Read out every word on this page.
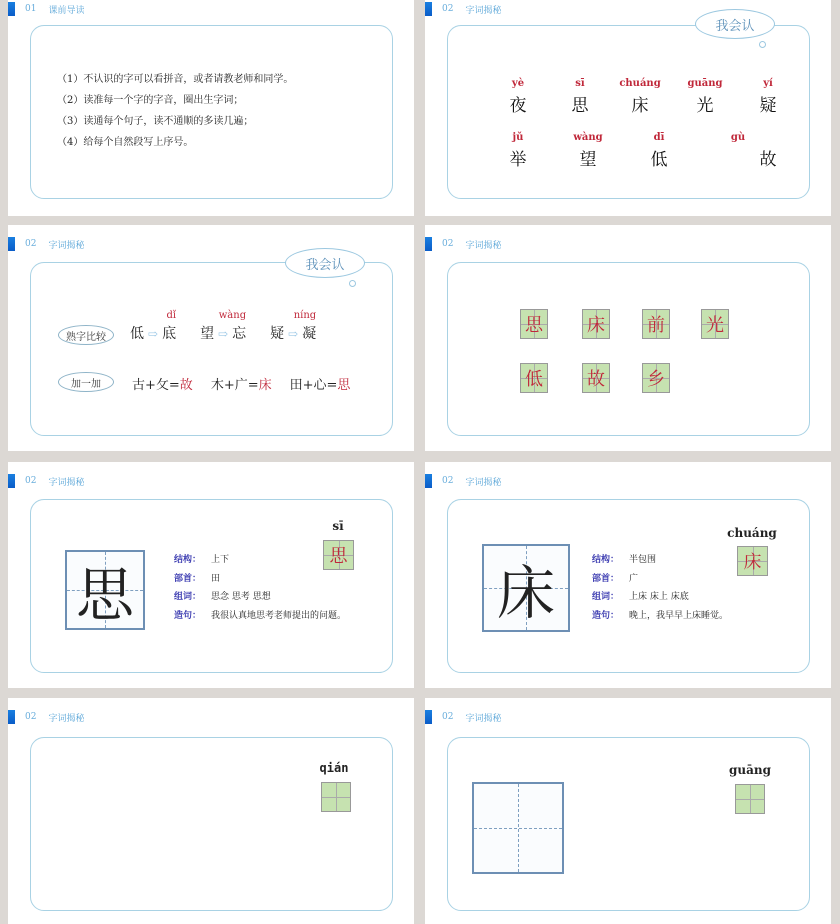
01 课前导读
（1）不认识的字可以看拼音，或者请教老师和同学。
（2）读准每一个字的字音，圈出生字词；
（3）读通每个句子，读不通顺的多读几遍；
（4）给每个自然段写上序号。
02 字词揭秘
我会认
yè
夜
sī
思
chuáng
床
guāng
光
yí
疑
jǔ
举
wàng
望
dī
低
gù
故
02 字词揭秘
我会认
熟字比较
加一加
dǐ
低 ⇨ 底
wàng
望 ⇨ 忘
níng
疑 ⇨ 凝
古+攵=故 木+广=床 田+心=思
02 字词揭秘
思 床 前 光
低 故 乡
02 字词揭秘
思
sī
思
结构： 上下
部首： 田
组词： 思念 思考 思想
造句： 我很认真地思考老师提出的问题。
02 字词揭秘
床
chuáng
床
结构： 半包围
部首： 广
组词： 上床 床上 床底
造句： 晚上，我早早上床睡觉。
02 字词揭秘
qián
02 字词揭秘
guāng
